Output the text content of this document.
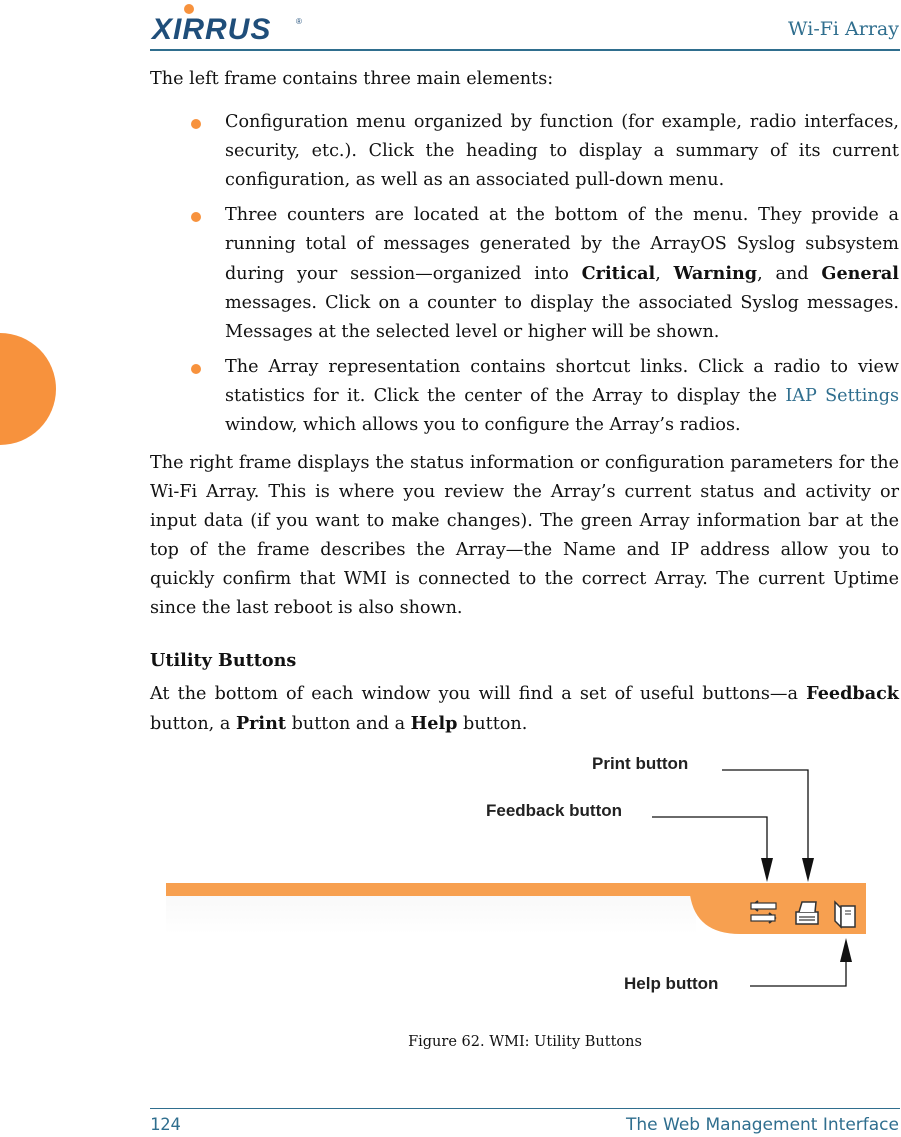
XIRRUS	®	Wi-Fi Array
The left frame contains three main elements:
Configuration menu organized by function (for example, radio interfaces, security, etc.). Click the heading to display a summary of its current configuration, as well as an associated pull-down menu.
Three counters are located at the bottom of the menu. They provide a running total of messages generated by the ArrayOS Syslog subsystem during your session—organized into Critical, Warning, and General messages. Click on a counter to display the associated Syslog messages. Messages at the selected level or higher will be shown.
The Array representation contains shortcut links. Click a radio to view statistics for it. Click the center of the Array to display the IAP Settings window, which allows you to configure the Array’s radios.
The right frame displays the status information or configuration parameters for the Wi-Fi Array. This is where you review the Array’s current status and activity or input data (if you want to make changes). The green Array information bar at the top of the frame describes the Array—the Name and IP address allow you to quickly confirm that WMI is connected to the correct Array. The current Uptime since the last reboot is also shown.
Utility Buttons
At the bottom of each window you will find a set of useful buttons—a Feedback button, a Print button and a Help button.
Print button
Feedback button
Help button
Figure 62. WMI: Utility Buttons
124	The Web Management Interface
